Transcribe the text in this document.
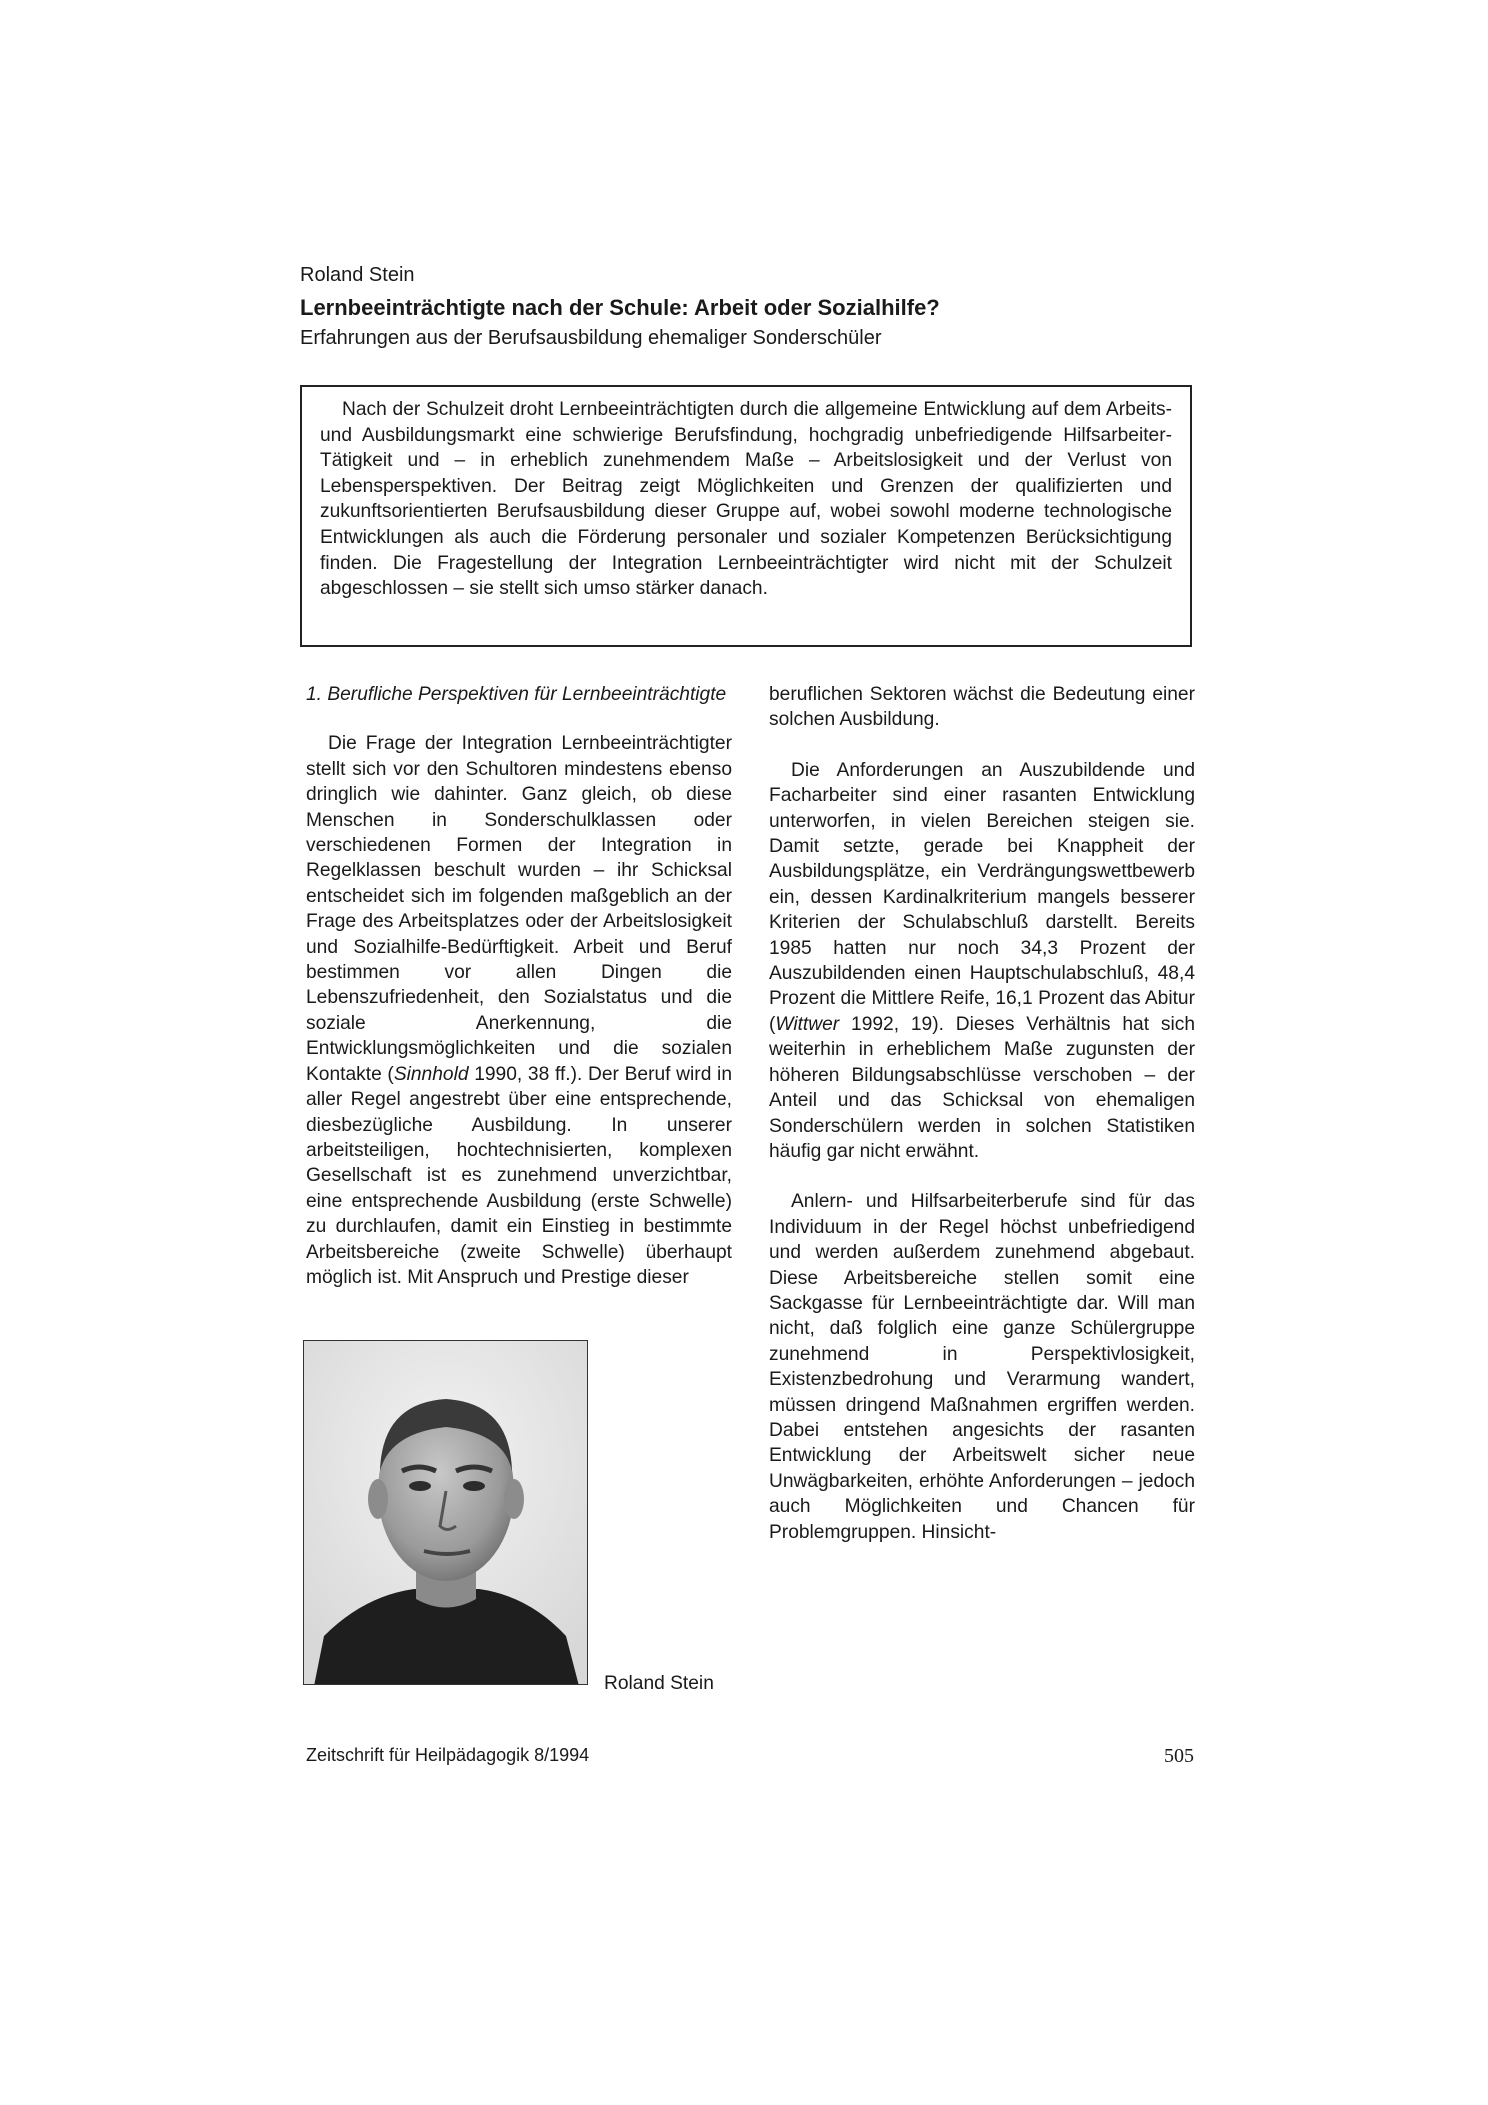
Roland Stein
Lernbeeinträchtigte nach der Schule: Arbeit oder Sozialhilfe?
Erfahrungen aus der Berufsausbildung ehemaliger Sonderschüler

Nach der Schulzeit droht Lernbeeinträchtigten durch die allgemeine Entwicklung auf dem Arbeits- und Ausbildungsmarkt eine schwierige Berufsfindung, hochgradig unbefriedigende Hilfsarbeiter-Tätigkeit und – in erheblich zunehmendem Maße – Arbeitslosigkeit und der Verlust von Lebensperspektiven. Der Beitrag zeigt Möglichkeiten und Grenzen der qualifizierten und zukunftsorientierten Berufsausbildung dieser Gruppe auf, wobei sowohl moderne technologische Entwicklungen als auch die Förderung personaler und sozialer Kompetenzen Berücksichtigung finden. Die Fragestellung der Integration Lernbeeinträchtigter wird nicht mit der Schulzeit abgeschlossen – sie stellt sich umso stärker danach.

1. Berufliche Perspektiven für Lernbeeinträchtigte

Die Frage der Integration Lernbeeinträchtigter stellt sich vor den Schultoren mindestens ebenso dringlich wie dahinter. Ganz gleich, ob diese Menschen in Sonderschulklassen oder verschiedenen Formen der Integration in Regelklassen beschult wurden – ihr Schicksal entscheidet sich im folgenden maßgeblich an der Frage des Arbeitsplatzes oder der Arbeitslosigkeit und Sozialhilfe-Bedürftigkeit. Arbeit und Beruf bestimmen vor allen Dingen die Lebenszufriedenheit, den Sozialstatus und die soziale Anerkennung, die Entwicklungsmöglichkeiten und die sozialen Kontakte (Sinnhold 1990, 38 ff.). Der Beruf wird in aller Regel angestrebt über eine entsprechende, diesbezügliche Ausbildung. In unserer arbeitsteiligen, hochtechnisierten, komplexen Gesellschaft ist es zunehmend unverzichtbar, eine entsprechende Ausbildung (erste Schwelle) zu durchlaufen, damit ein Einstieg in bestimmte Arbeitsbereiche (zweite Schwelle) überhaupt möglich ist. Mit Anspruch und Prestige dieser

beruflichen Sektoren wächst die Bedeutung einer solchen Ausbildung.

Die Anforderungen an Auszubildende und Facharbeiter sind einer rasanten Entwicklung unterworfen, in vielen Bereichen steigen sie. Damit setzte, gerade bei Knappheit der Ausbildungsplätze, ein Verdrängungswettbewerb ein, dessen Kardinalkriterium mangels besserer Kriterien der Schulabschluß darstellt. Bereits 1985 hatten nur noch 34,3 Prozent der Auszubildenden einen Hauptschulabschluß, 48,4 Prozent die Mittlere Reife, 16,1 Prozent das Abitur (Wittwer 1992, 19). Dieses Verhältnis hat sich weiterhin in erheblichem Maße zugunsten der höheren Bildungsabschlüsse verschoben – der Anteil und das Schicksal von ehemaligen Sonderschülern werden in solchen Statistiken häufig gar nicht erwähnt.

Anlern- und Hilfsarbeiterberufe sind für das Individuum in der Regel höchst unbefriedigend und werden außerdem zunehmend abgebaut. Diese Arbeitsbereiche stellen somit eine Sackgasse für Lernbeeinträchtigte dar. Will man nicht, daß folglich eine ganze Schülergruppe zunehmend in Perspektivlosigkeit, Existenzbedrohung und Verarmung wandert, müssen dringend Maßnahmen ergriffen werden. Dabei entstehen angesichts der rasanten Entwicklung der Arbeitswelt sicher neue Unwägbarkeiten, erhöhte Anforderungen – jedoch auch Möglichkeiten und Chancen für Problemgruppen. Hinsicht-

Roland Stein
Zeitschrift für Heilpädagogik 8/1994	505
